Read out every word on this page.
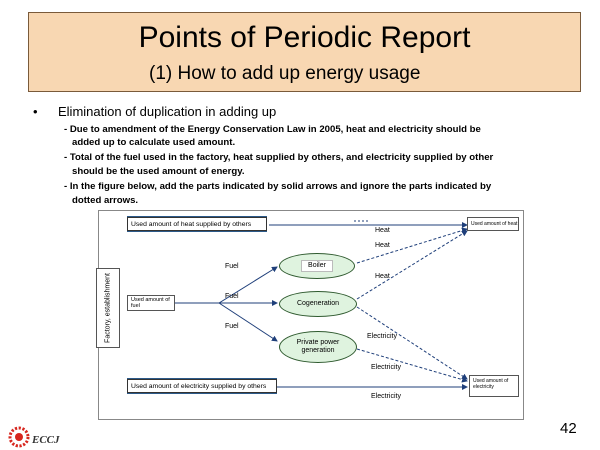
Points of Periodic Report
(1) How to add up energy usage
• Elimination of duplication in adding up
- Due to amendment of the Energy Conservation Law in 2005, heat and electricity should be
added up to calculate used amount.
- Total of the fuel used in the factory, heat supplied by others, and electricity supplied by other
should be the used amount of energy.
- In the figure below, add the parts indicated by solid arrows and ignore the parts indicated by
dotted arrows.
Used amount of heat supplied by others
Used amount of fuel
Used amount of electricity supplied by others
Used amount of heat
Used amount of electricity
Boiler
Cogeneration
Private power generation
Fuel
Fuel
Fuel
Heat
Heat
Heat
Electricity
Electricity
Electricity
Factory, establishment
42
ECCJ
